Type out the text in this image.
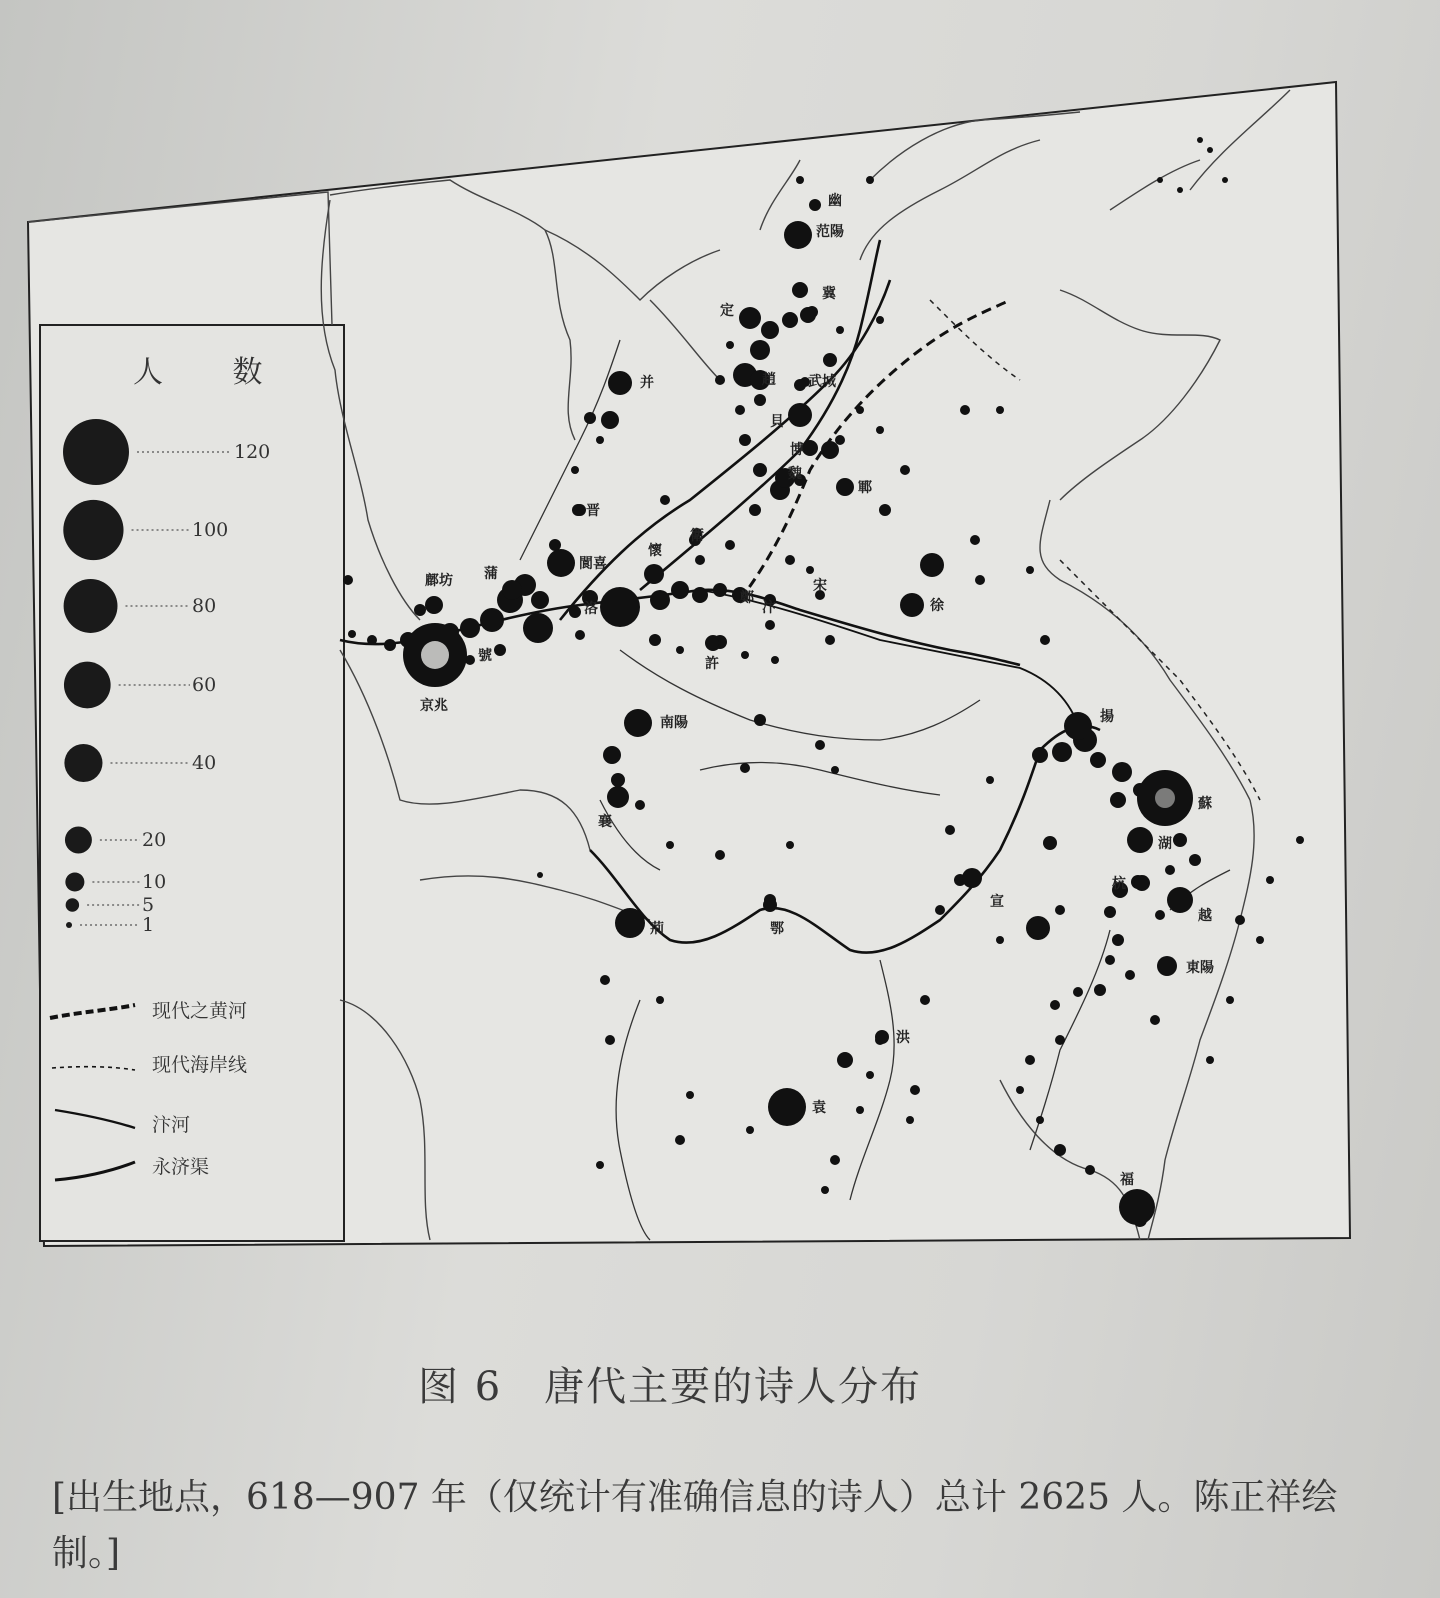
幽
范陽
定
冀
并	趙 武城
貝
博
魏
鄆
晋
蒲
鄜坊
閬喜
懷
衛
洛	汴
宋
徐
鄭
號	許
京兆
南陽
襄
揚
蘇
湖
杭
宣
越
東陽
荊	鄂
洪
袁
福
人 数
120
100
80
60
40
20
10
5
1
现代之黄河
现代海岸线
汴河
永济渠
图 6　唐代主要的诗人分布
[出生地点，618—907 年（仅统计有准确信息的诗人）总计 2625 人。陈正祥绘制。]
